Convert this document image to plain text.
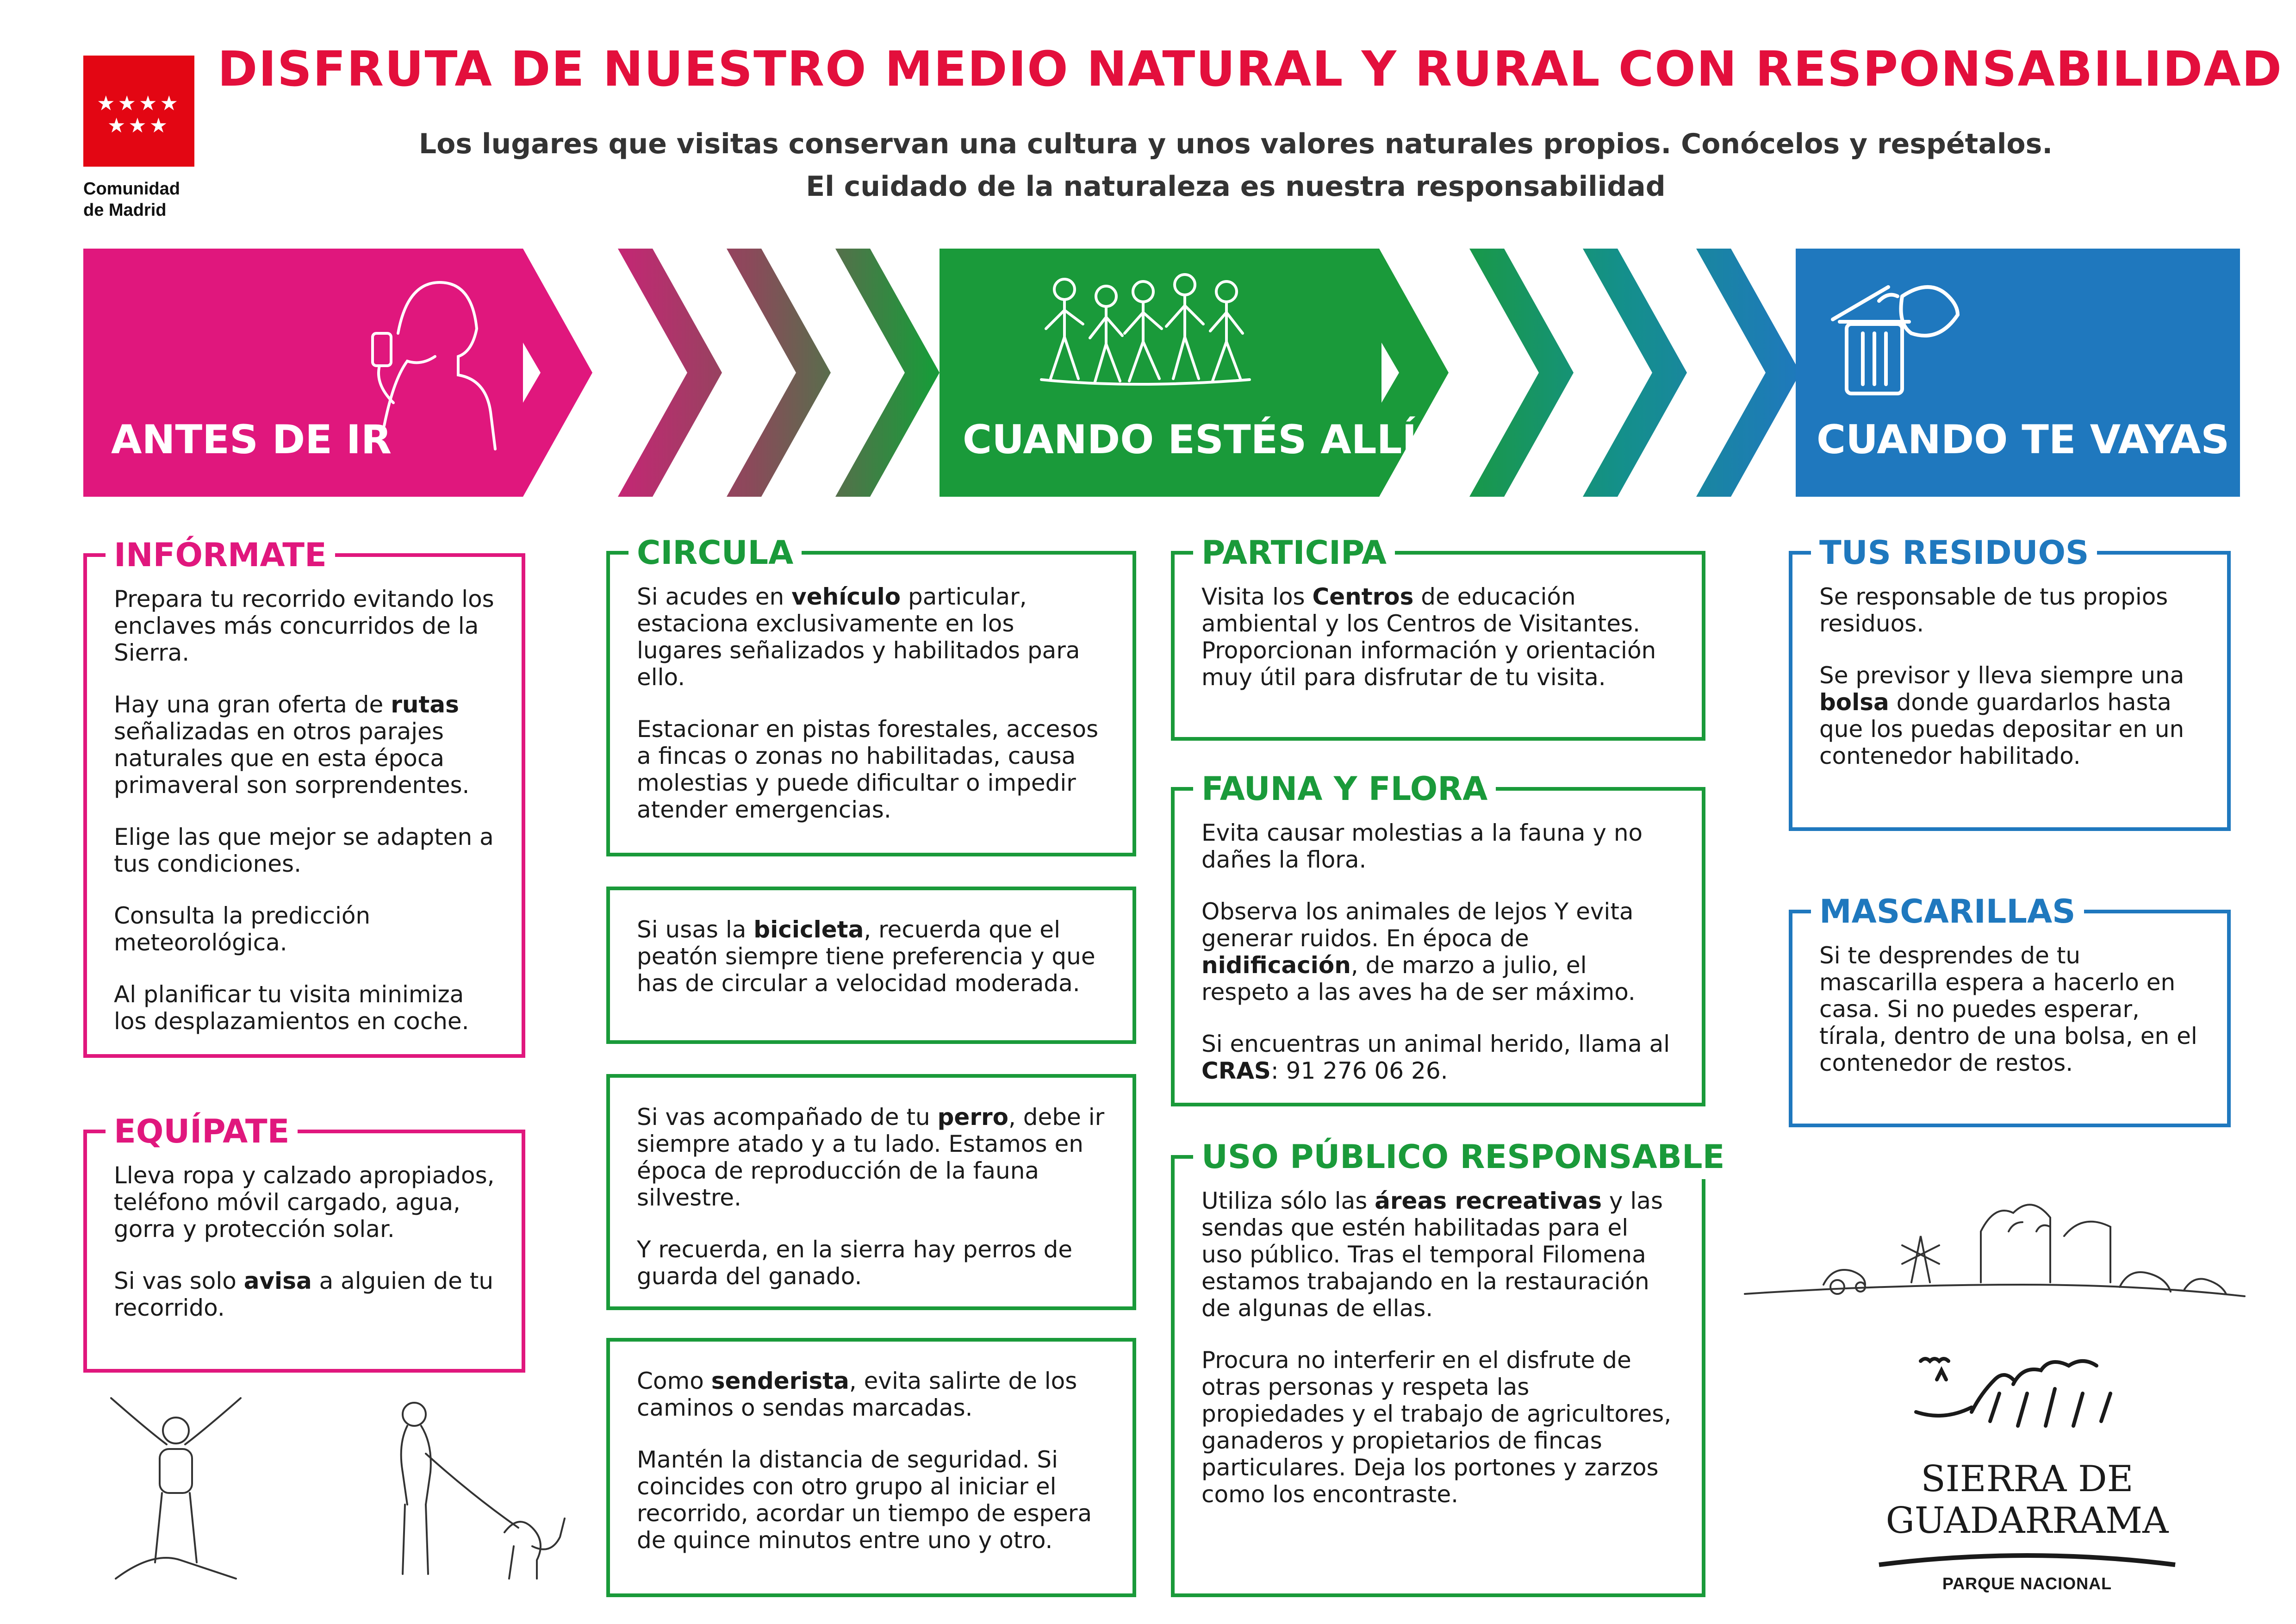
★★★★
★★★
Comunidad
de Madrid
DISFRUTA DE NUESTRO MEDIO NATURAL Y RURAL CON RESPONSABILIDAD
Los lugares que visitas conservan una cultura y unos valores naturales propios. Conócelos y respétalos.
El cuidado de la naturaleza es nuestra responsabilidad
ANTES DE IR	CUANDO ESTÉS ALLÍ	CUANDO TE VAYAS
INFÓRMATE

Prepara tu recorrido evitando los enclaves más concurridos de la Sierra.

Hay una gran oferta de rutas señalizadas en otros parajes naturales que en esta época primaveral son sorprendentes.

Elige las que mejor se adapten a tus condiciones.

Consulta la predicción meteorológica.

Al planificar tu visita minimiza los desplazamientos en coche.

EQUÍPATE

Lleva ropa y calzado apropiados, teléfono móvil cargado, agua, gorra y protección solar.

Si vas solo avisa a alguien de tu recorrido.

CIRCULA

Si acudes en vehículo particular, estaciona exclusivamente en los lugares señalizados y habilitados para ello.

Estacionar en pistas forestales, accesos a fincas o zonas no habilitadas, causa molestias y puede dificultar o impedir atender emergencias.

Si usas la bicicleta, recuerda que el peatón siempre tiene preferencia y que has de circular a velocidad moderada.

Si vas acompañado de tu perro, debe ir siempre atado y a tu lado. Estamos en época de reproducción de la fauna silvestre.

Y recuerda, en la sierra hay perros de guarda del ganado.

Como senderista, evita salirte de los caminos o sendas marcadas.

Mantén la distancia de seguridad. Si coincides con otro grupo al iniciar el recorrido, acordar un tiempo de espera de quince minutos entre uno y otro.

PARTICIPA

Visita los Centros de educación ambiental y los Centros de Visitantes. Proporcionan información y orientación muy útil para disfrutar de tu visita.

FAUNA Y FLORA

Evita causar molestias a la fauna y no dañes la flora.

Observa los animales de lejos Y evita generar ruidos. En época de nidificación, de marzo a julio, el respeto a las aves ha de ser máximo.

Si encuentras un animal herido, llama al CRAS: 91 276 06 26.

USO PÚBLICO RESPONSABLE

Utiliza sólo las áreas recreativas y las sendas que estén habilitadas para el uso público. Tras el temporal Filomena estamos trabajando en la restauración de algunas de ellas.

Procura no interferir en el disfrute de otras personas y respeta las propiedades y el trabajo de agricultores, ganaderos y propietarios de fincas particulares. Deja los portones y zarzos como los encontraste.

TUS RESIDUOS

Se responsable de tus propios residuos.

Se previsor y lleva siempre una bolsa donde guardarlos hasta que los puedas depositar en un contenedor habilitado.

MASCARILLAS

Si te desprendes de tu mascarilla espera a hacerlo en casa. Si no puedes esperar, tírala, dentro de una bolsa, en el contenedor de restos.

SIERRA DE
GUADARRAMA
PARQUE NACIONAL
